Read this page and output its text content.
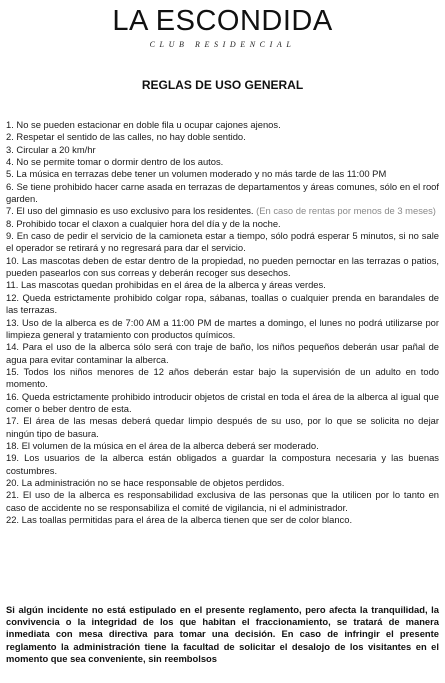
LA ESCONDIDA
CLUB RESIDENCIAL
REGLAS DE USO GENERAL
1. No se pueden estacionar en doble fila u ocupar cajones ajenos.
2. Respetar el sentido de las calles, no hay doble sentido.
3. Circular a 20 km/hr
4. No se permite tomar o dormir dentro de los autos.
5. La música en terrazas debe tener un volumen moderado y no más tarde de las 11:00 PM
6. Se tiene prohibido hacer carne asada en terrazas de departamentos y áreas comunes, sólo en el roof garden.
7. El uso del gimnasio es uso exclusivo para los residentes. (En caso de rentas por menos de 3 meses)
8. Prohibido tocar el claxon a cualquier hora del día y de la noche.
9. En caso de pedir el servicio de la camioneta estar a tiempo, sólo podrá esperar 5 minutos, si no sale el operador se retirará y no regresará para dar el servicio.
10. Las mascotas deben de estar dentro de la propiedad, no pueden pernoctar en las terrazas o patios, pueden pasearlos con sus correas y deberán recoger sus desechos.
11. Las mascotas quedan prohibidas en el área de la alberca y áreas verdes.
12. Queda estrictamente prohibido colgar ropa, sábanas, toallas o cualquier prenda en barandales de las terrazas.
13. Uso de la alberca es de 7:00 AM a 11:00 PM de martes a domingo, el lunes no podrá utilizarse por limpieza general y tratamiento con productos químicos.
14. Para el uso de la alberca sólo será con traje de baño, los niños pequeños deberán usar pañal de agua para evitar contaminar la alberca.
15. Todos los niños menores de 12 años deberán estar bajo la supervisión de un adulto en todo momento.
16. Queda estrictamente prohibido introducir objetos de cristal en toda el área de la alberca al igual que comer o beber dentro de esta.
17. El área de las mesas deberá quedar limpio después de su uso, por lo que se solicita no dejar ningún tipo de basura.
18. El volumen de la música en el área de la alberca deberá ser moderado.
19. Los usuarios de la alberca están obligados a guardar la compostura necesaria y las buenas costumbres.
20. La administración no se hace responsable de objetos perdidos.
21. El uso de la alberca es responsabilidad exclusiva de las personas que la utilicen por lo tanto en caso de accidente no se responsabiliza el comité de vigilancia, ni el administrador.
22. Las toallas permitidas para el área de la alberca tienen que ser de color blanco.
Si algún incidente no está estipulado en el presente reglamento, pero afecta la tranquilidad, la convivencia o la integridad de los que habitan el fraccionamiento, se tratará de manera inmediata con mesa directiva para tomar una decisión. En caso de infringir el presente reglamento la administración tiene la facultad de solicitar el desalojo de los visitantes en el momento que sea conveniente, sin reembolsos
